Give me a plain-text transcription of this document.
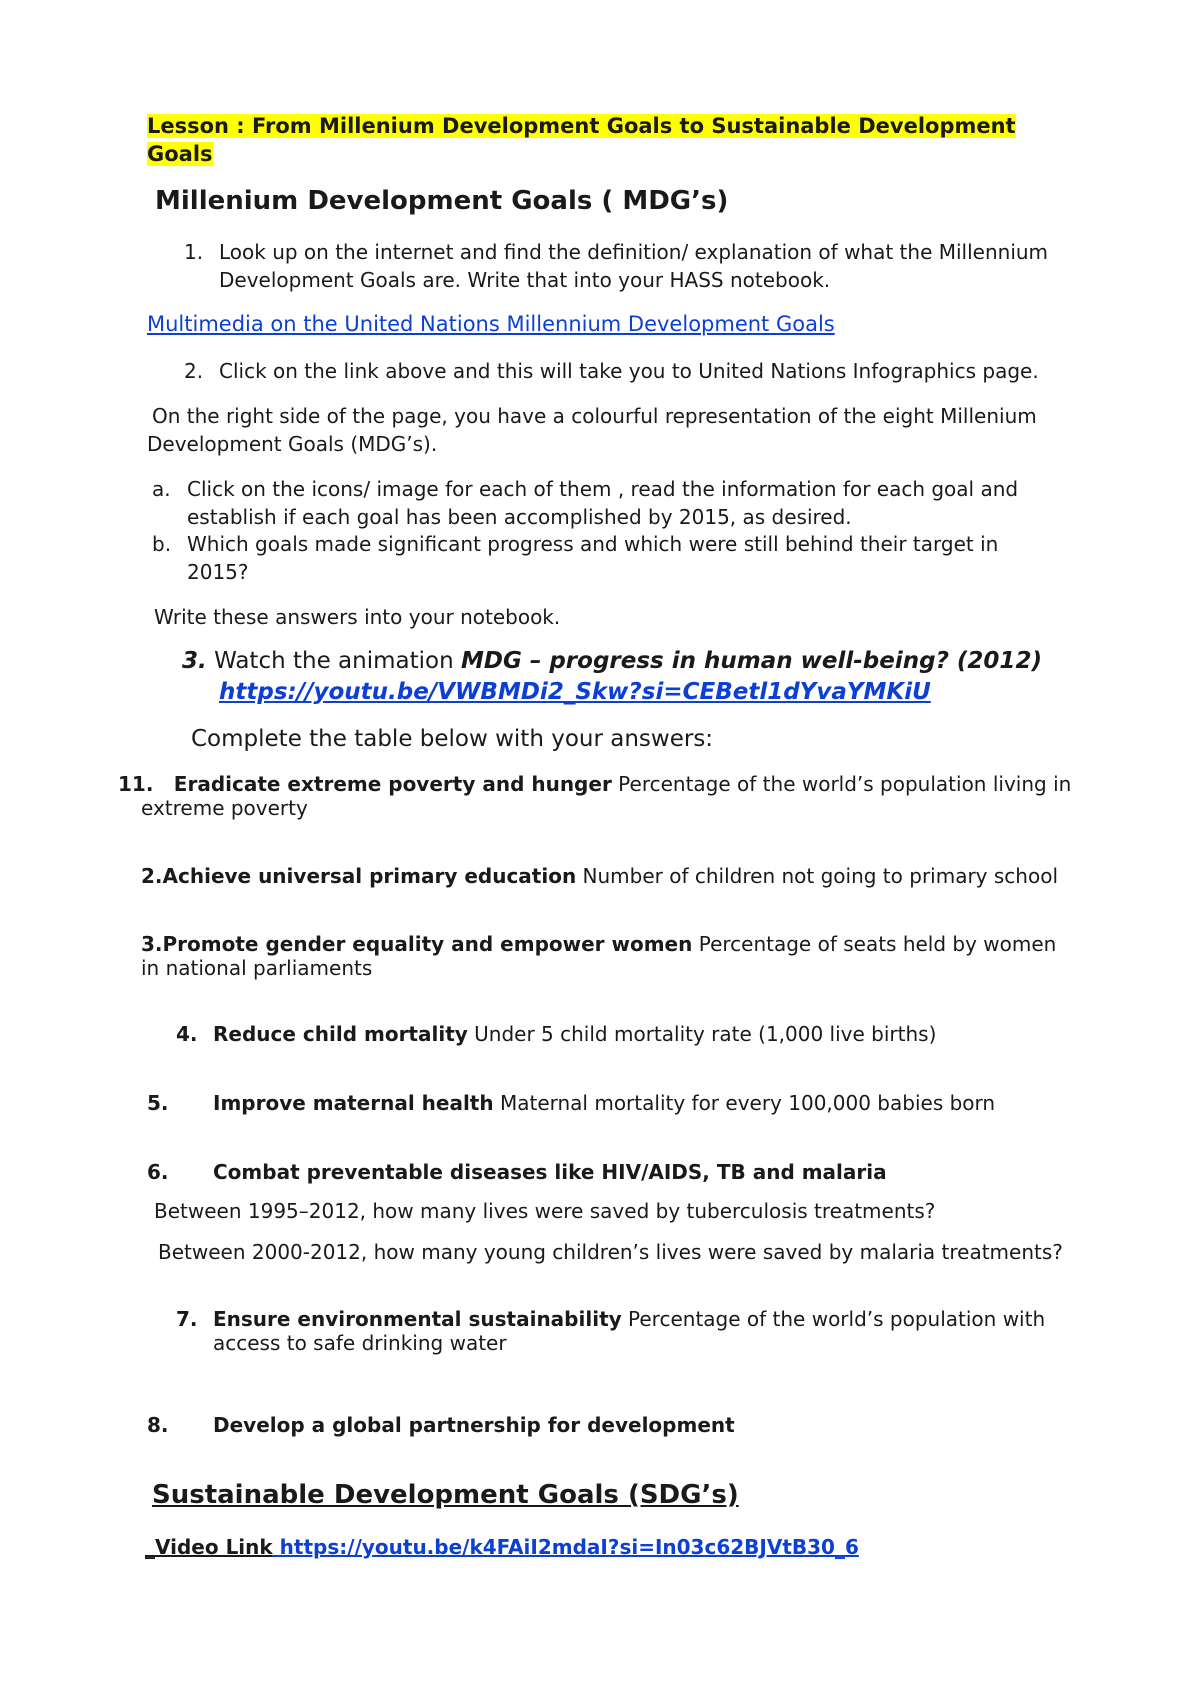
Lesson : From Millenium Development Goals to Sustainable Development
Goals
Millenium Development Goals ( MDG’s)
1. Look up on the internet and find the definition/ explanation of what the Millennium
Development Goals are. Write that into your HASS notebook.
Multimedia on the United Nations Millennium Development Goals
2. Click on the link above and this will take you to United Nations Infographics page.
On the right side of the page, you have a colourful representation of the eight Millenium
Development Goals (MDG’s).
a. Click on the icons/ image for each of them , read the information for each goal and
establish if each goal has been accomplished by 2015, as desired.
b. Which goals made significant progress and which were still behind their target in
2015?
Write these answers into your notebook.
3. Watch the animation MDG – progress in human well-being? (2012)
https://youtu.be/VWBMDi2_Skw?si=CEBetl1dYvaYMKiU
Complete the table below with your answers:
11. Eradicate extreme poverty and hunger Percentage of the world’s population living in
extreme poverty
2.Achieve universal primary education Number of children not going to primary school
3.Promote gender equality and empower women Percentage of seats held by women
in national parliaments
4. Reduce child mortality Under 5 child mortality rate (1,000 live births)
5. Improve maternal health Maternal mortality for every 100,000 babies born
6. Combat preventable diseases like HIV/AIDS, TB and malaria
Between 1995–2012, how many lives were saved by tuberculosis treatments?
Between 2000-2012, how many young children’s lives were saved by malaria treatments?
7. Ensure environmental sustainability Percentage of the world’s population with
access to safe drinking water
8. Develop a global partnership for development
Sustainable Development Goals (SDG’s)
_Video Link https://youtu.be/k4FAiI2mdaI?si=In03c62BJVtB30_6
